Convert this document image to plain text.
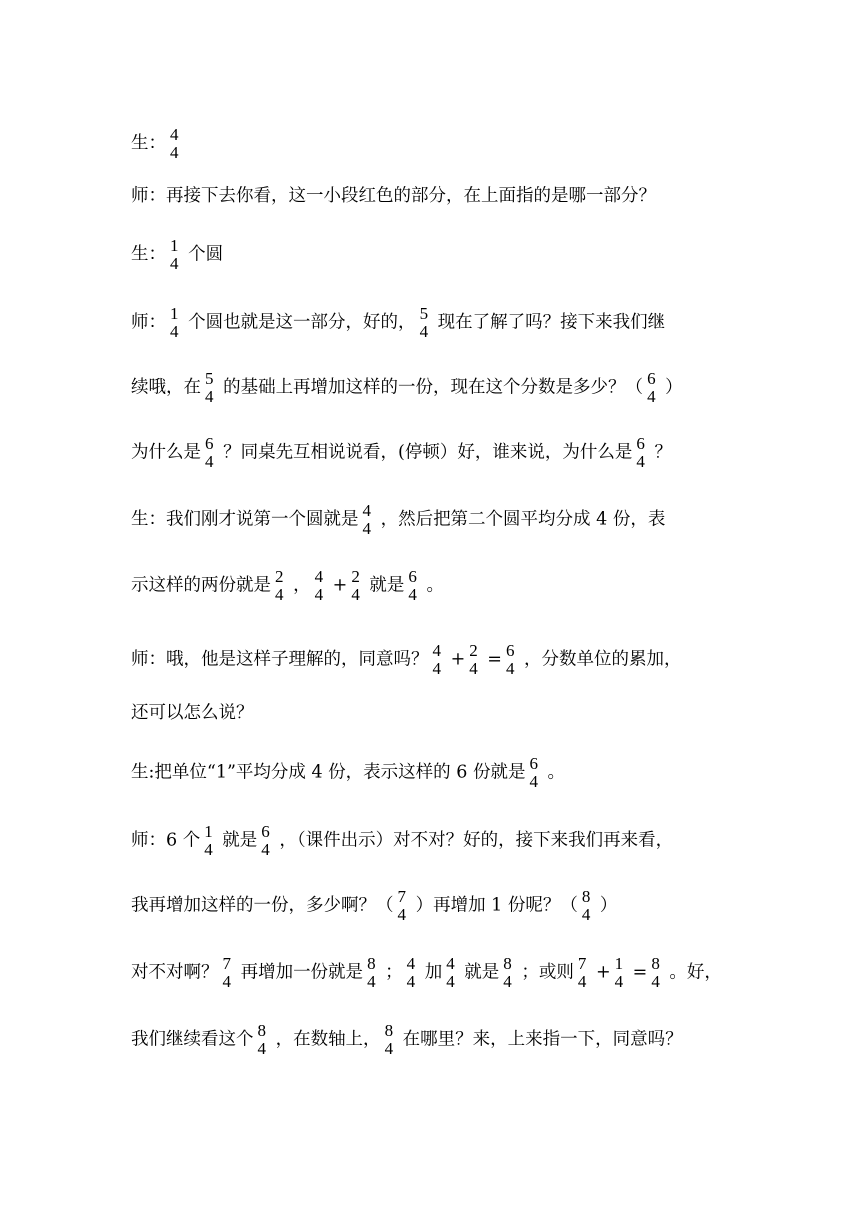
生： 4
4
师：再接下去你看，这一小段红色的部分，在上面指的是哪一部分？
生： 1
4 个圆
师： 1
4 个圆也就是这一部分，好的， 5
4 现在了解了吗？接下来我们继
续哦，在 5
4 的基础上再增加这样的一份，现在这个分数是多少？（ 6
4 ）
为什么是 6
4 ？同桌先互相说说看，(停顿）好，谁来说，为什么是 6
4 ？
生：我们刚才说第一个圆就是 4
4 ，然后把第二个圆平均分成 4 份，表
示这样的两份就是 2
4 ， 4
4 + 2
4 就是 6
4 。
师：哦，他是这样子理解的，同意吗？ 4
4 + 2
4 = 6
4 ，分数单位的累加，
还可以怎么说？
生:把单位“1”平均分成 4 份，表示这样的 6 份就是 6
4 。
师：6 个 1
4 就是 6
4 ，（课件出示）对不对？好的，接下来我们再来看，
我再增加这样的一份，多少啊？（ 7
4 ）再增加 1 份呢？（ 8
4 ）
对不对啊？ 7
4 再增加一份就是 8
4 ； 4
4 加 4
4 就是 8
4 ；或则 7
4 + 1
4 = 8
4 。好，
我们继续看这个 8
4 ，在数轴上， 8
4 在哪里？来，上来指一下，同意吗？
